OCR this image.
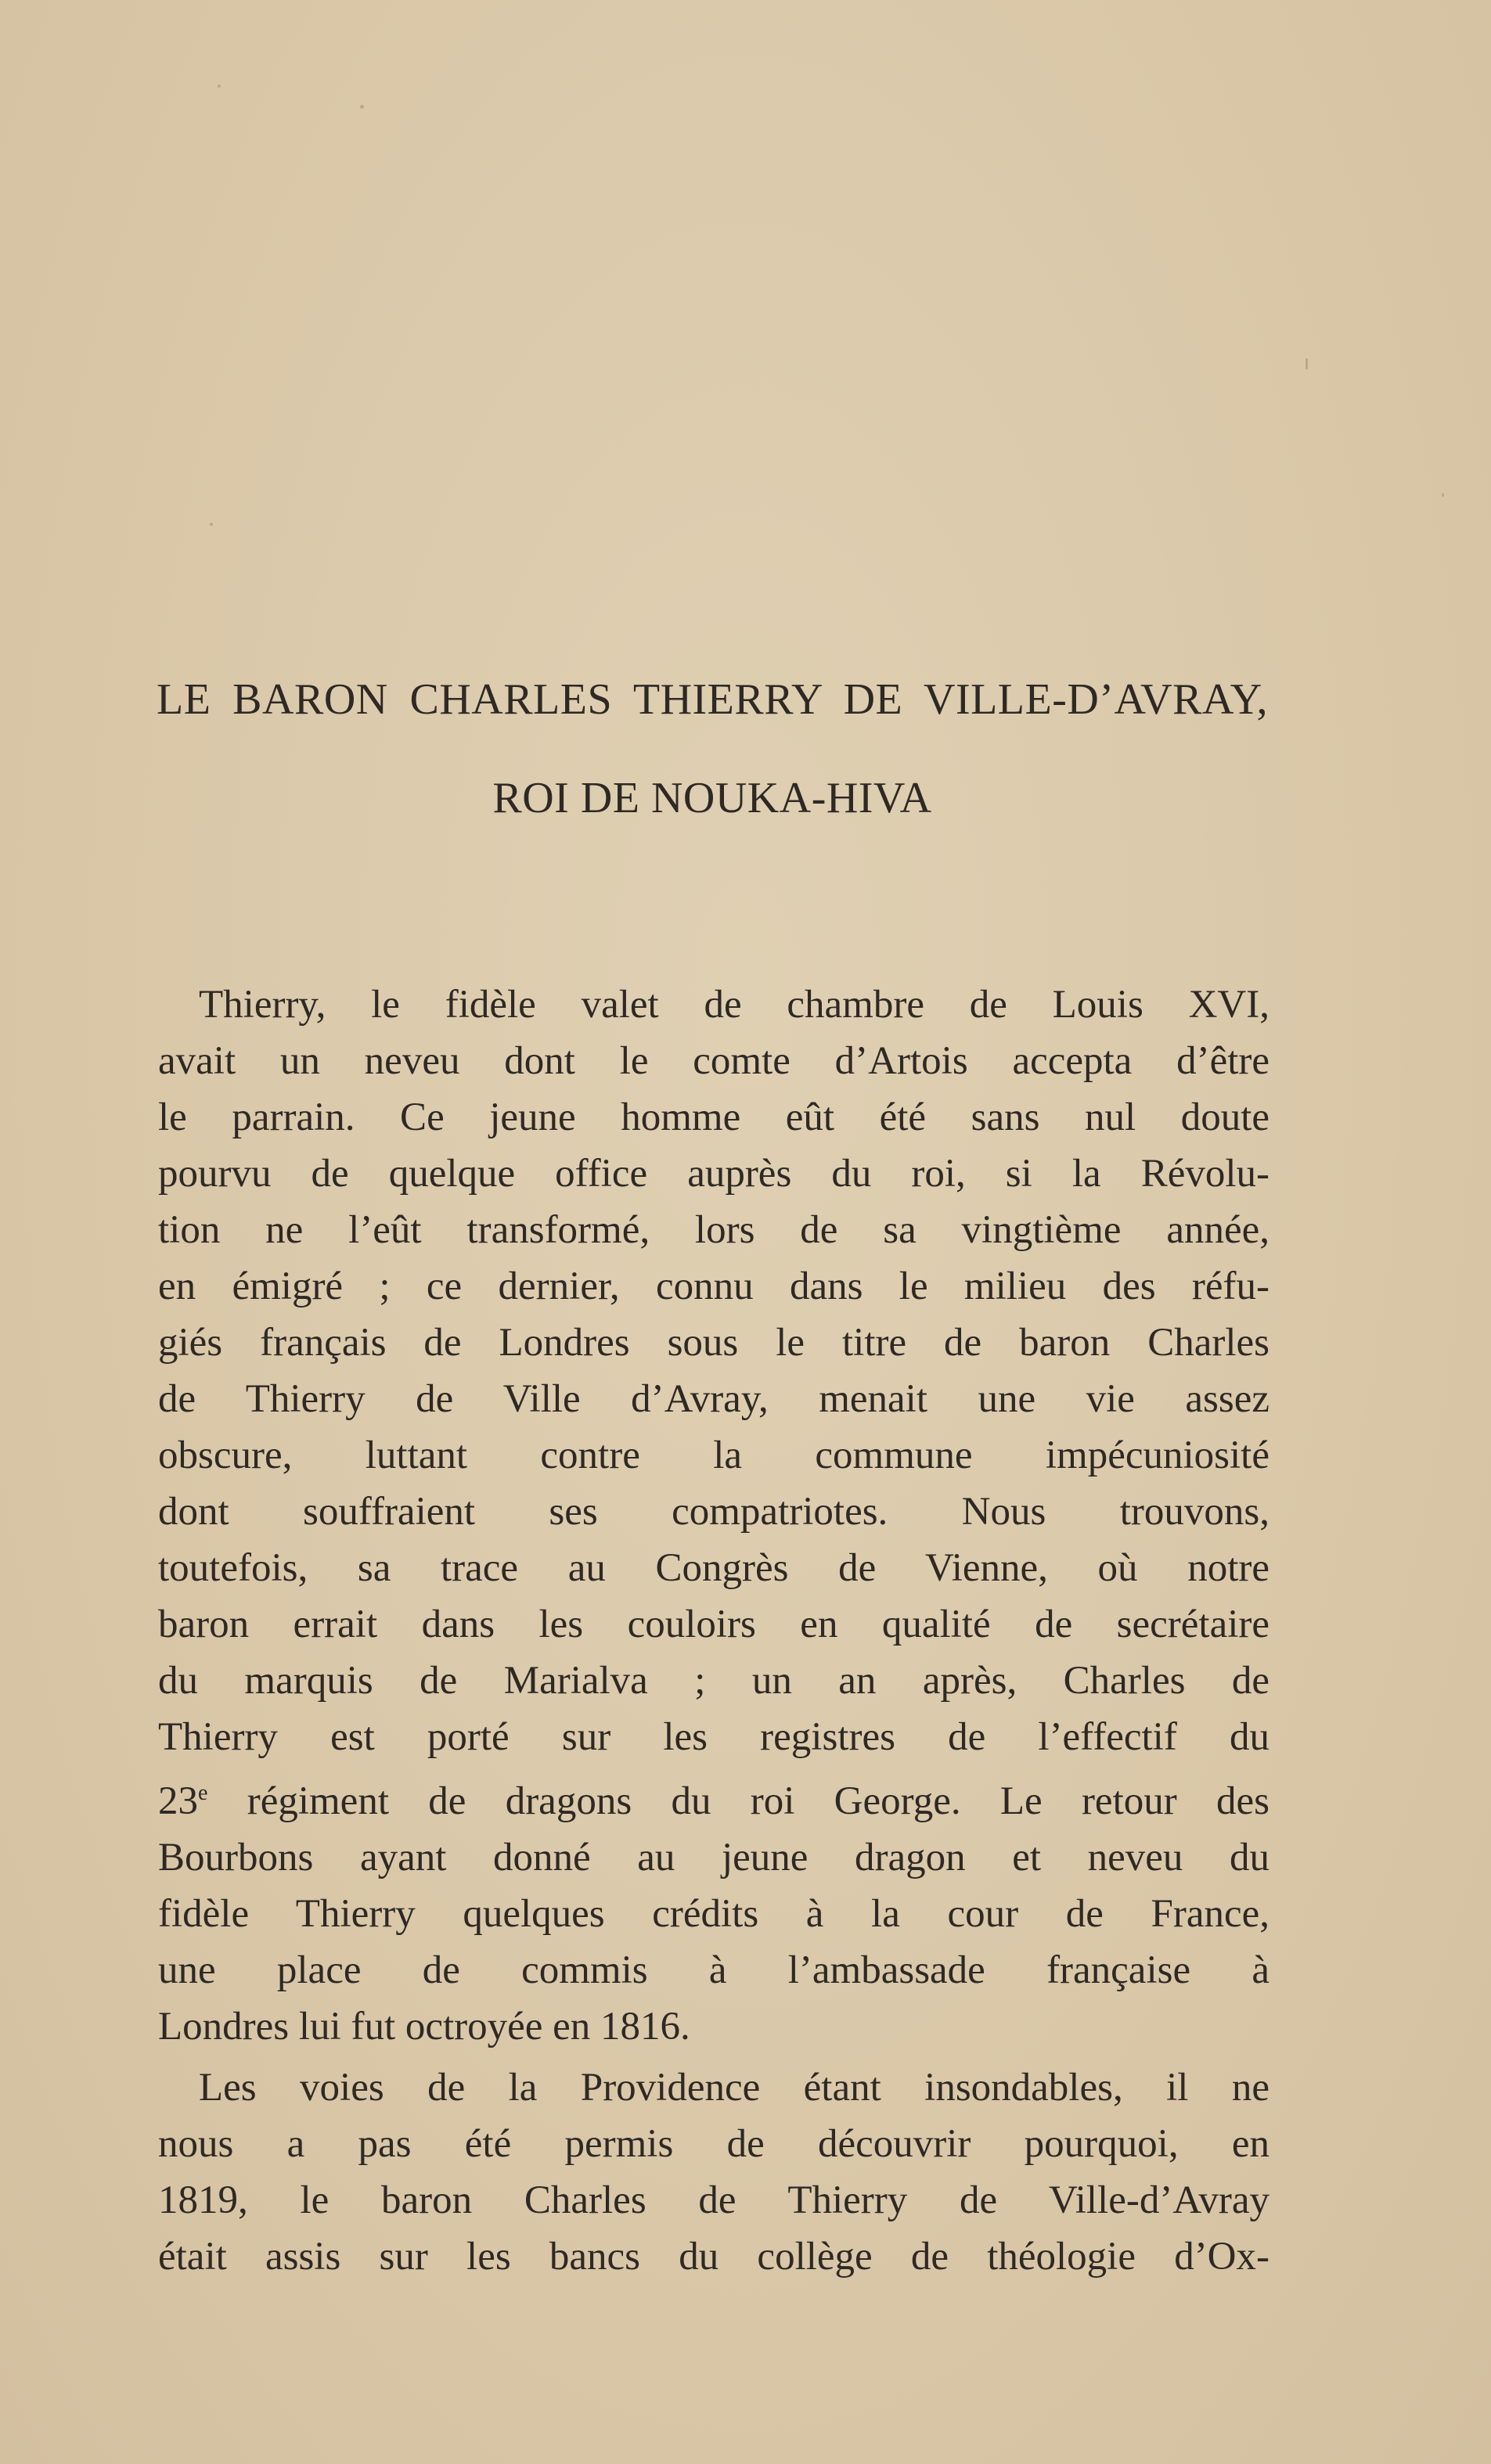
LE BARON CHARLES THIERRY DE VILLE-D’AVRAY,
ROI DE NOUKA-HIVA
Thierry, le fidèle valet de chambre de Louis XVI,
avait un neveu dont le comte d’Artois accepta d’être
le parrain. Ce jeune homme eût été sans nul doute
pourvu de quelque office auprès du roi, si la Révolu-
tion ne l’eût transformé, lors de sa vingtième année,
en émigré ; ce dernier, connu dans le milieu des réfu-
giés français de Londres sous le titre de baron Charles
de Thierry de Ville d’Avray, menait une vie assez
obscure, luttant contre la commune impécuniosité
dont souffraient ses compatriotes. Nous trouvons,
toutefois, sa trace au Congrès de Vienne, où notre
baron errait dans les couloirs en qualité de secrétaire
du marquis de Marialva ; un an après, Charles de
Thierry est porté sur les registres de l’effectif du
23e régiment de dragons du roi George. Le retour des
Bourbons ayant donné au jeune dragon et neveu du
fidèle Thierry quelques crédits à la cour de France,
une place de commis à l’ambassade française à
Londres lui fut octroyée en 1816.
Les voies de la Providence étant insondables, il ne
nous a pas été permis de découvrir pourquoi, en
1819, le baron Charles de Thierry de Ville-d’Avray
était assis sur les bancs du collège de théologie d’Ox-
